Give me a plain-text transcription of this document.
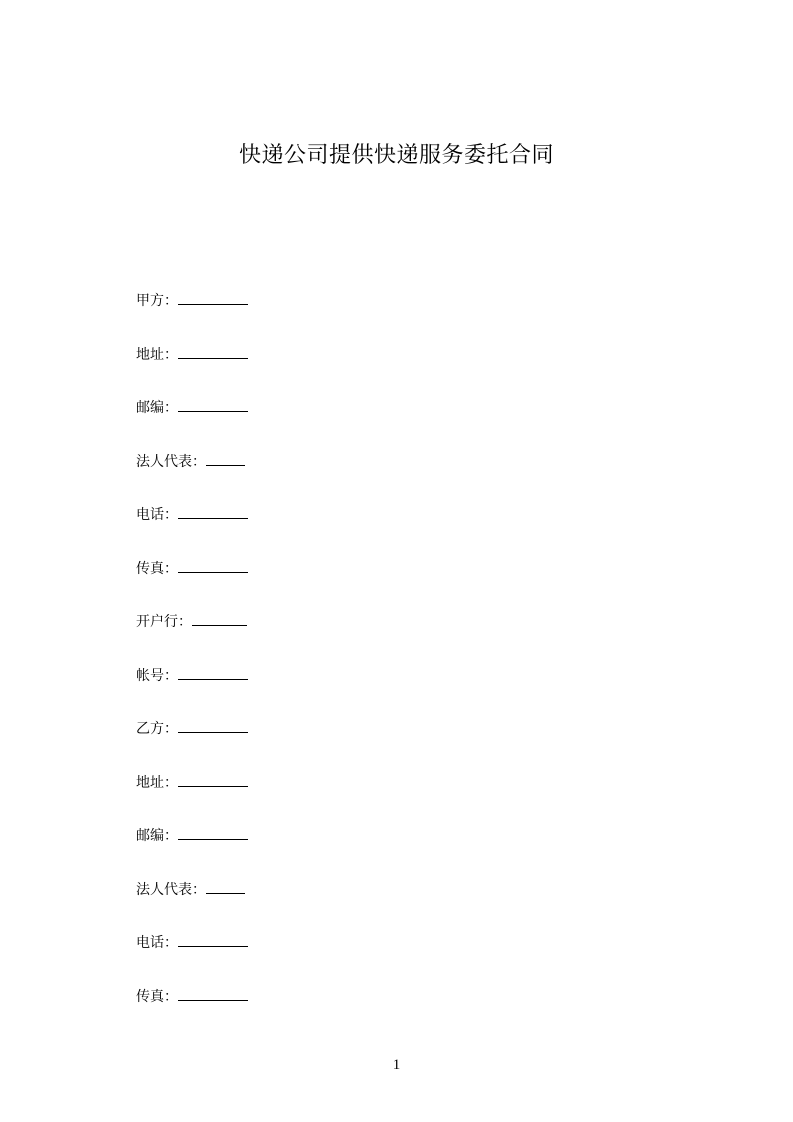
快递公司提供快递服务委托合同
甲方：
地址：
邮编：
法人代表：
电话：
传真：
开户行：
帐号：
乙方：
地址：
邮编：
法人代表：
电话：
传真：
1
